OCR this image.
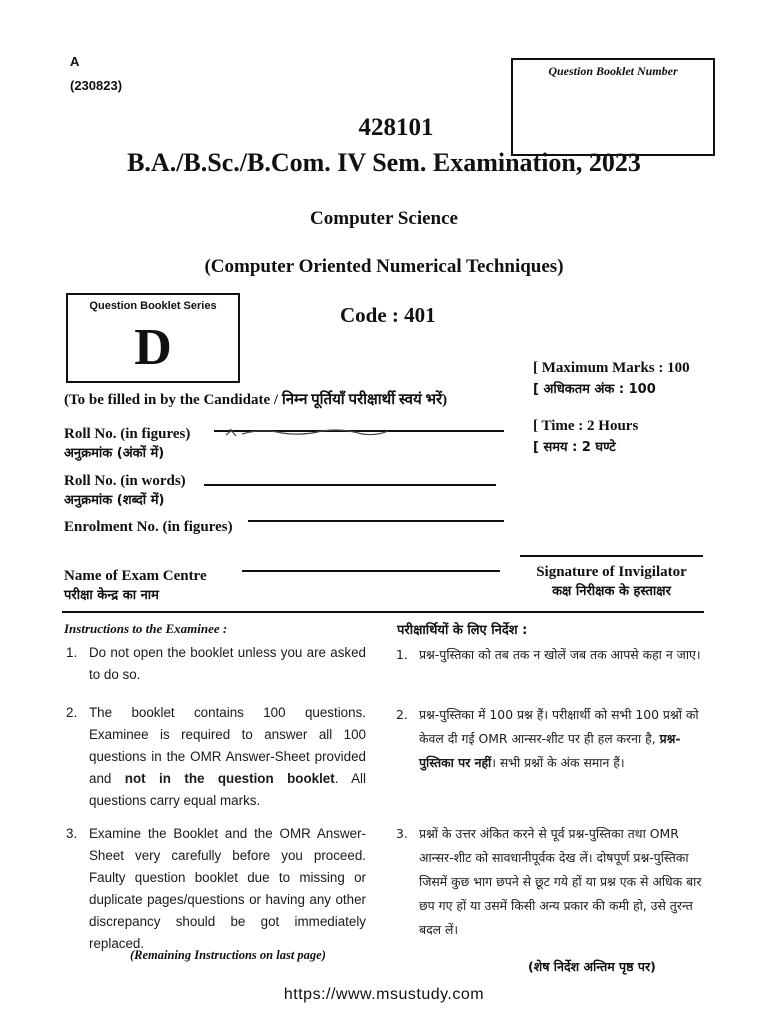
A
(230823)
Question Booklet Number
428101
B.A./B.Sc./B.Com. IV Sem. Examination, 2023
Computer Science
(Computer Oriented Numerical Techniques)
Question Booklet Series
D
Code : 401
[ Maximum Marks : 100
[ अधिकतम अंक : 100
[ Time : 2 Hours
[ समय : 2 घण्टे
(To be filled in by the Candidate / निम्न पूर्तियाँ परीक्षार्थी स्वयं भरें)
Roll No. (in figures)
अनुक्रमांक (अंकों में)
Roll No. (in words)
अनुक्रमांक (शब्दों में)
Enrolment No. (in figures)
Name of Exam Centre
परीक्षा केन्द्र का नाम
Signature of Invigilator
कक्ष निरीक्षक के हस्ताक्षर
Instructions to the Examinee :	परीक्षार्थियों के लिए निर्देश :
1. Do not open the booklet unless you are asked to do so.
2. The booklet contains 100 questions. Examinee is required to answer all 100 questions in the OMR Answer-Sheet provided and not in the question booklet. All questions carry equal marks.
3. Examine the Booklet and the OMR Answer-Sheet very carefully before you proceed. Faulty question booklet due to missing or duplicate pages/questions or having any other discrepancy should be got immediately replaced.
1. प्रश्न-पुस्तिका को तब तक न खोलें जब तक आपसे कहा न जाए।
2. प्रश्न-पुस्तिका में 100 प्रश्न हैं। परीक्षार्थी को सभी 100 प्रश्नों को केवल दी गई OMR आन्सर-शीट पर ही हल करना है, प्रश्न-पुस्तिका पर नहीं। सभी प्रश्नों के अंक समान हैं।
3. प्रश्नों के उत्तर अंकित करने से पूर्व प्रश्न-पुस्तिका तथा OMR आन्सर-शीट को सावधानीपूर्वक देख लें। दोषपूर्ण प्रश्न-पुस्तिका जिसमें कुछ भाग छपने से छूट गये हों या प्रश्न एक से अधिक बार छप गए हों या उसमें किसी अन्य प्रकार की कमी हो, उसे तुरन्त बदल लें।
(Remaining Instructions on last page)
(शेष निर्देश अन्तिम पृष्ठ पर)
https://www.msustudy.com
